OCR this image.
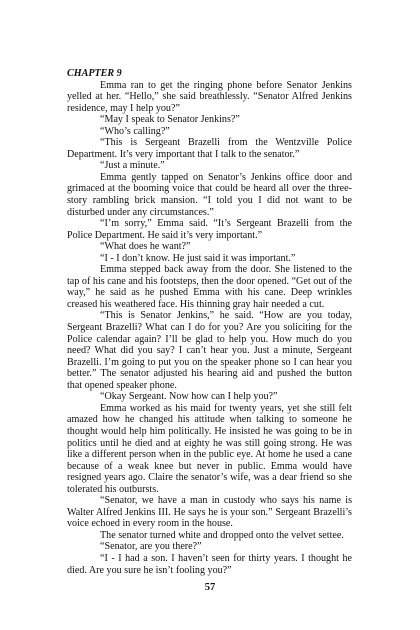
CHAPTER 9

Emma ran to get the ringing phone before Senator Jenkins yelled at her. “Hello,” she said breathlessly. “Senator Alfred Jenkins residence, may I help you?”

“May I speak to Senator Jenkins?”

“Who’s calling?”

“This is Sergeant Brazelli from the Wentzville Police Department. It’s very important that I talk to the senator.”

“Just a minute.”

Emma gently tapped on Senator’s Jenkins office door and grimaced at the booming voice that could be heard all over the three-story rambling brick mansion. “I told you I did not want to be disturbed under any circumstances.”

“I’m sorry,” Emma said. “It’s Sergeant Brazelli from the Police Department. He said it’s very important.”

“What does he want?”

“I - I don’t know. He just said it was important.”

Emma stepped back away from the door. She listened to the tap of his cane and his footsteps, then the door opened. “Get out of the way,” he said as he pushed Emma with his cane. Deep wrinkles creased his weathered face. His thinning gray hair needed a cut.

“This is Senator Jenkins,” he said. “How are you today, Sergeant Brazelli? What can I do for you? Are you soliciting for the Police calendar again? I’ll be glad to help you. How much do you need? What did you say? I can’t hear you. Just a minute, Sergeant Brazelli. I’m going to put you on the speaker phone so I can hear you better.” The senator adjusted his hearing aid and pushed the button that opened speaker phone.

“Okay Sergeant. Now how can I help you?”

Emma worked as his maid for twenty years, yet she still felt amazed how he changed his attitude when talking to someone he thought would help him politically. He insisted he was going to be in politics until he died and at eighty he was still going strong. He was like a different person when in the public eye. At home he used a cane because of a weak knee but never in public. Emma would have resigned years ago. Claire the senator’s wife, was a dear friend so she tolerated his outbursts.

“Senator, we have a man in custody who says his name is Walter Alfred Jenkins III. He says he is your son.” Sergeant Brazelli’s voice echoed in every room in the house.

The senator turned white and dropped onto the velvet settee.

“Senator, are you there?”

“I - I had a son. I haven’t seen for thirty years. I thought he died. Are you sure he isn’t fooling you?”

57
